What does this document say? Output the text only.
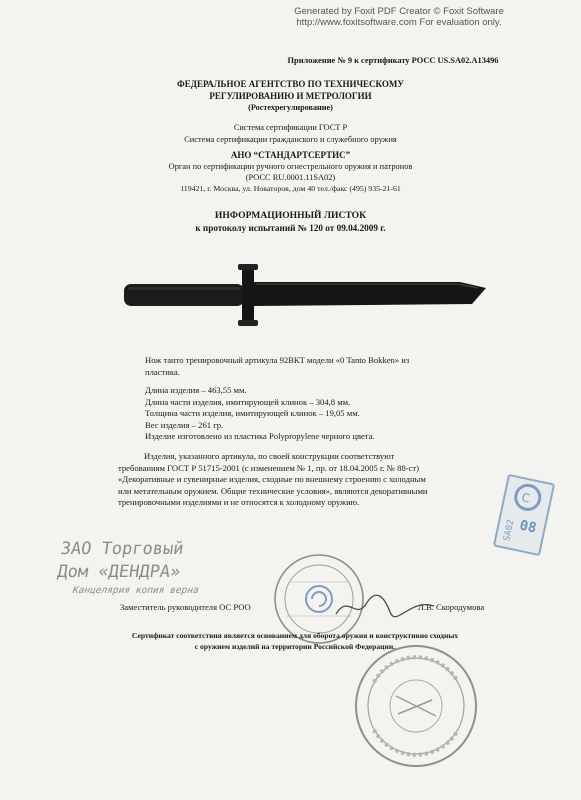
Generated by Foxit PDF Creator © Foxit Software
http://www.foxitsoftware.com For evaluation only.
Приложение № 9 к сертификату РОСС US.SA02.A13496
ФЕДЕРАЛЬНОЕ АГЕНТСТВО ПО ТЕХНИЧЕСКОМУ
РЕГУЛИРОВАНИЮ И МЕТРОЛОГИИ
(Ростехрегулирование)
Система сертификации ГОСТ Р
Система сертификации гражданского и служебного оружия
АНО “СТАНДАРТСЕРТИС”
Орган по сертификации ручного огнестрельного оружия и патронов
(РОСС RU.0001.11SA02)
119421, г. Москва, ул. Новаторов, дом 40 тел./факс (495) 935-21-61
ИНФОРМАЦИОННЫЙ ЛИСТОК
к протоколу испытаний № 120 от 09.04.2009 г.
Нож танто тренировочный артикула 92ВКТ модели «0 Tanto Bokken» из
пластика.
Длина изделия – 463,55 мм.
Длина части изделия, имитирующей клинок – 304,8 мм.
Толщина части изделия, имитирующей клинок – 19,05 мм.
Вес изделия – 261 гр.
Изделие изготовлено из пластика Polypropylene черного цвета.
Изделия, указанного артикула, по своей конструкции соответствуют
требованиям ГОСТ Р 51715-2001 (с изменением № 1, пр. от 18.04.2005 г. № 88-ст)
«Декоративные и сувенирные изделия, сходные по внешнему строению с холодным
или метательным оружием. Общие технические условия», являются декоративными
тренировочными изделиями и не относятся к холодному оружию.	С
SA02 08
ЗАО Торговый
Дом «ДЕНДРА»
Канцелярия копия верна
Заместитель руководителя ОС РОО	Л.В. Скородумова
Сертификат соответствия является основанием для оборота оружия и конструктивно сходных
с оружием изделий на территории Российской Федерации.
